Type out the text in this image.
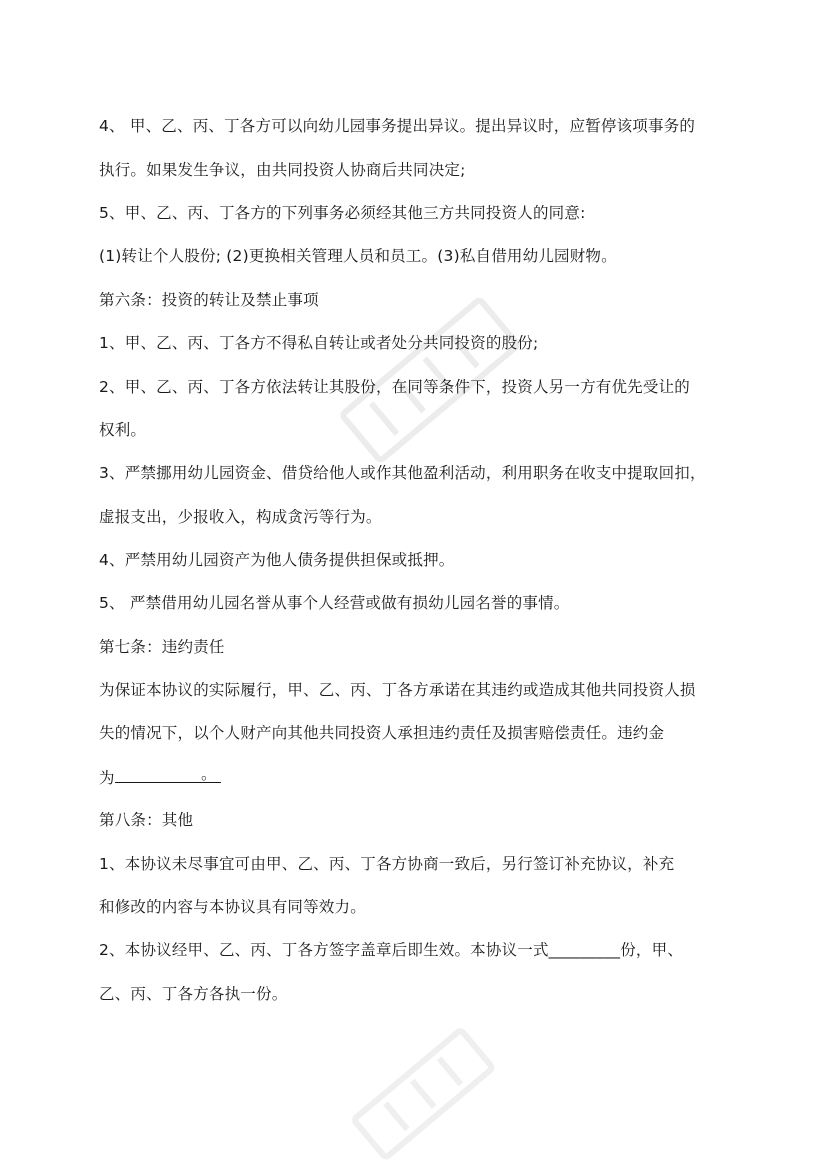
4、 甲、乙、丙、丁各方可以向幼儿园事务提出异议。提出异议时，应暂停该项事务的
执行。如果发生争议，由共同投资人协商后共同决定;
5、甲、乙、丙、丁各方的下列事务必须经其他三方共同投资人的同意:
(1)转让个人股份; (2)更换相关管理人员和员工。(3)私自借用幼儿园财物。
第六条：投资的转让及禁止事项
1、甲、乙、丙、丁各方不得私自转让或者处分共同投资的股份;
2、甲、乙、丙、丁各方依法转让其股份，在同等条件下，投资人另一方有优先受让的
权利。
3、严禁挪用幼儿园资金、借贷给他人或作其他盈利活动，利用职务在收支中提取回扣，
虚报支出，少报收入，构成贪污等行为。
4、严禁用幼儿园资产为他人债务提供担保或抵押。
5、 严禁借用幼儿园名誉从事个人经营或做有损幼儿园名誉的事情。
第七条：违约责任
为保证本协议的实际履行，甲、乙、丙、丁各方承诺在其违约或造成其他共同投资人损
失的情况下，以个人财产向其他共同投资人承担违约责任及损害赔偿责任。违约金
为	。
第八条：其他
1、本协议未尽事宜可由甲、乙、丙、丁各方协商一致后，另行签订补充协议，补充
和修改的内容与本协议具有同等效力。
2、本协议经甲、乙、丙、丁各方签字盖章后即生效。本协议一式_________份，甲、
乙、丙、丁各方各执一份。
